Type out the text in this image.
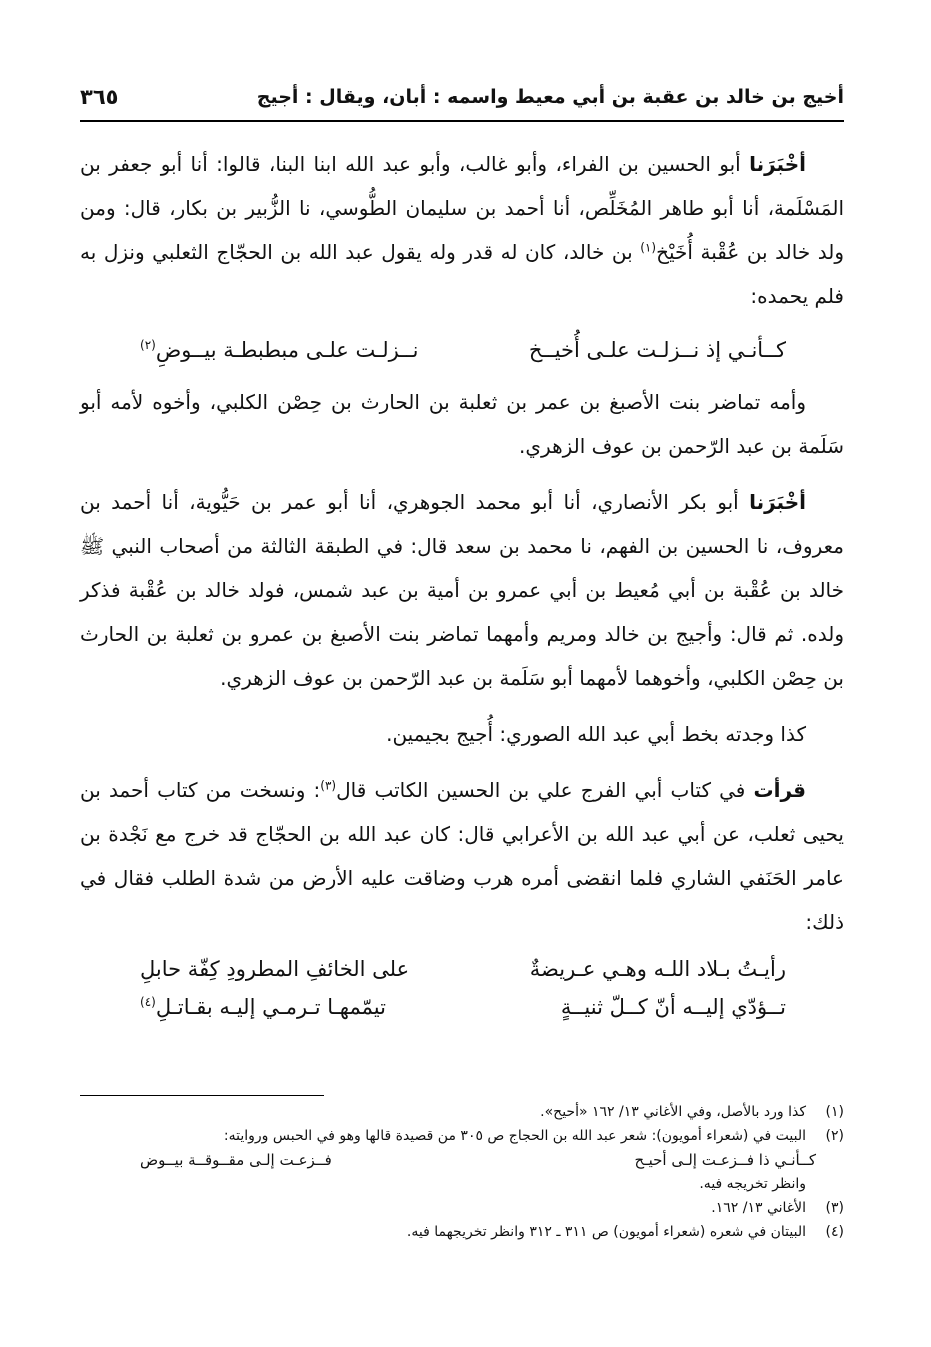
أخيج بن خالد بن عقبة بن أبي معيط واسمه : أبان، ويقال : أجيج
٣٦٥

أخْبَرَنا أبو الحسين بن الفراء، وأبو غالب، وأبو عبد الله ابنا البنا، قالوا: أنا أبو جعفر بن المَسْلَمة، أنا أبو طاهر المُخَلِّص، أنا أحمد بن سليمان الطُّوسي، نا الزُّبير بن بكار، قال: ومن ولد خالد بن عُقْبة أُخَيْخ$^{(١)}$ بن خالد، كان له قدر وله يقول عبد الله بن الحجّاج الثعلبي ونزل به فلم يحمده:

كــأنـي إذ نــزلـت علـى أُخيــخ
نــزلـت علـى مبطبطـة بيــوضِ$^{(٢)}$

وأمه تماضر بنت الأصبغ بن عمر بن ثعلبة بن الحارث بن حِصْن الكلبي، وأخوه لأمه أبو سَلَمة بن عبد الرّحمن بن عوف الزهري.

أخْبَرَنا أبو بكر الأنصاري، أنا أبو محمد الجوهري، أنا أبو عمر بن حَيُّوية، أنا أحمد بن معروف، نا الحسين بن الفهم، نا محمد بن سعد قال: في الطبقة الثالثة من أصحاب النبي ﷺ خالد بن عُقْبة بن أبي مُعيط بن أبي عمرو بن أمية بن عبد شمس، فولد خالد بن عُقْبة فذكر ولده. ثم قال: وأجيج بن خالد ومريم وأمهما تماضر بنت الأصبغ بن عمرو بن ثعلبة بن الحارث بن حِصْن الكلبي، وأخوهما لأمهما أبو سَلَمة بن عبد الرّحمن بن عوف الزهري.

كذا وجدته بخط أبي عبد الله الصوري: أُجيج بجيمين.

قرأت في كتاب أبي الفرج علي بن الحسين الكاتب قال$^{(٣)}$: ونسخت من كتاب أحمد بن يحيى ثعلب، عن أبي عبد الله بن الأعرابي قال: كان عبد الله بن الحجّاج قد خرج مع نَجْدة بن عامر الحَنَفي الشاري فلما انقضى أمره هرب وضاقت عليه الأرض من شدة الطلب فقال في ذلك:

رأيـتُ بـلاد اللـه وهـي عـريضةٌ
على الخائفِ المطرودِ كِفّة حابلِ
تــؤدّي إليــه أنّ كــلّ ثنيــةٍ
تيمّمهـا تـرمـي إليـه بقـاتـلِ$^{(٤)}$
(١)
كذا ورد بالأصل، وفي الأغاني ١٣/ ١٦٢ «أحيح».
(٢)
البيت في (شعراء أمويون): شعر عبد الله بن الحجاج ص ٣٠٥ من قصيدة قالها وهو في الحبس وروايته:
كــأنـي ذا فــزعـت إلـى أحيـح
فــزعـت إلـى مقــوقــة بيــوض
وانظر تخريجه فيه.
(٣)
الأغاني ١٣/ ١٦٢.
(٤)
البيتان في شعره (شعراء أمويون) ص ٣١١ ـ ٣١٢ وانظر تخريجهما فيه.
